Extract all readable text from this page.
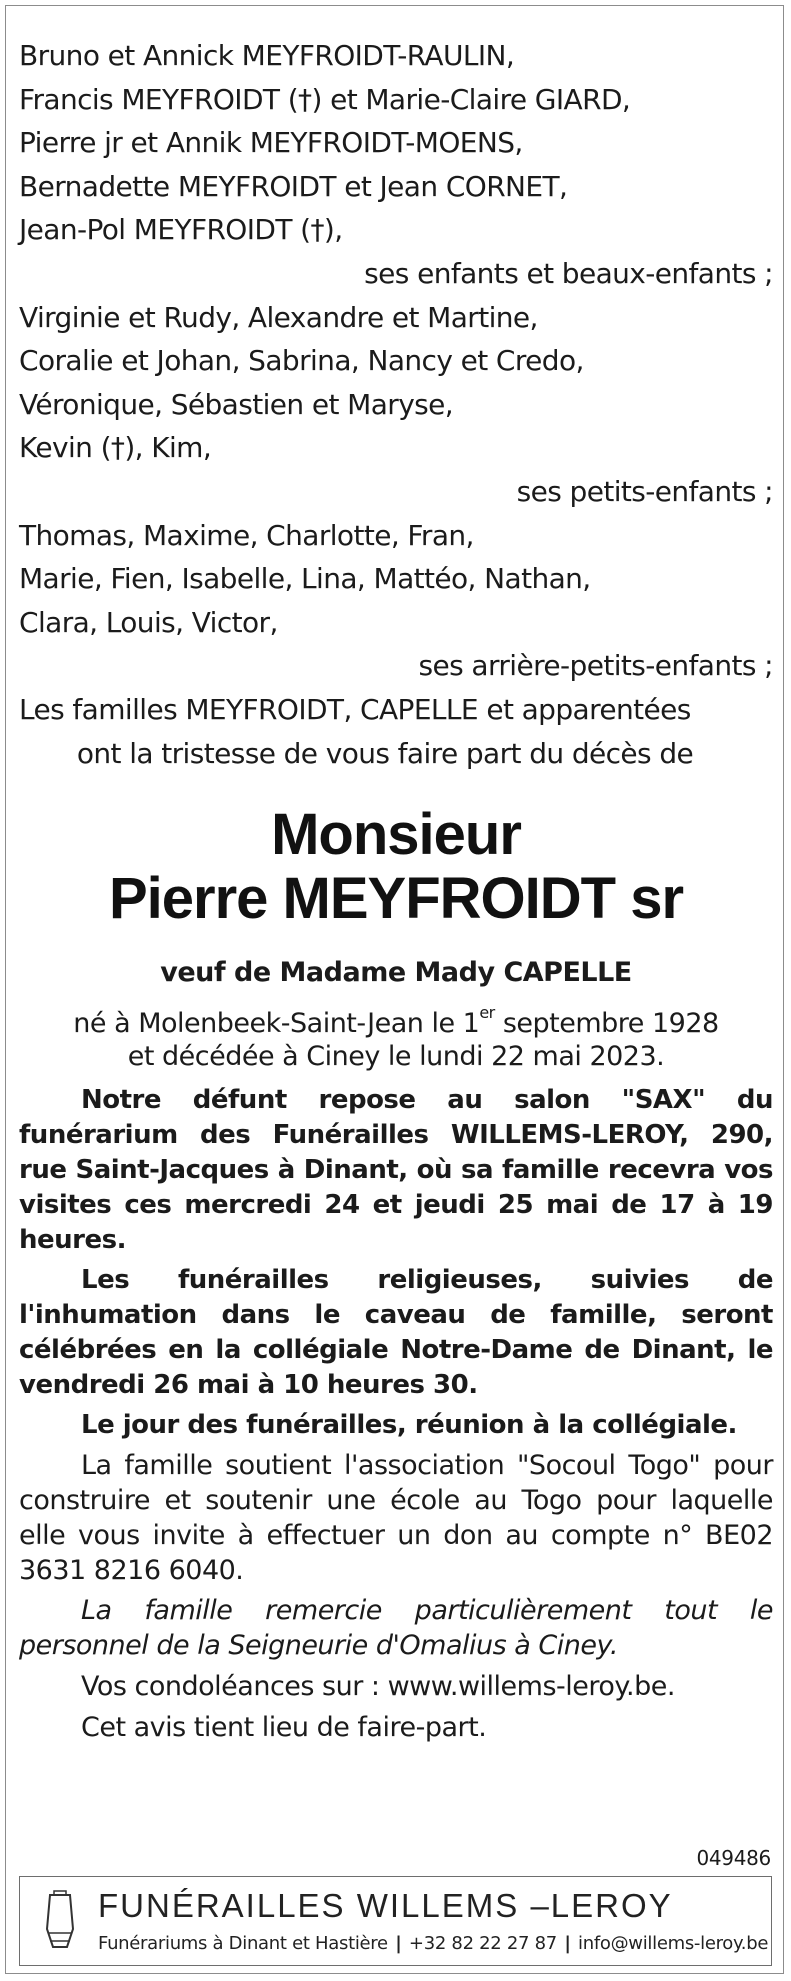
Bruno et Annick MEYFROIDT-RAULIN,
Francis MEYFROIDT (†) et Marie-Claire GIARD,
Pierre jr et Annik MEYFROIDT-MOENS,
Bernadette MEYFROIDT et Jean CORNET,
Jean-Pol MEYFROIDT (†),
ses enfants et beaux-enfants ;
Virginie et Rudy, Alexandre et Martine,
Coralie et Johan, Sabrina, Nancy et Credo,
Véronique, Sébastien et Maryse,
Kevin (†), Kim,
ses petits-enfants ;
Thomas, Maxime, Charlotte, Fran,
Marie, Fien, Isabelle, Lina, Mattéo, Nathan,
Clara, Louis, Victor,
ses arrière-petits-enfants ;
Les familles MEYFROIDT, CAPELLE et apparentées
ont la tristesse de vous faire part du décès de
Monsieur
Pierre MEYFROIDT sr
veuf de Madame Mady CAPELLE
né à Molenbeek-Saint-Jean le 1er septembre 1928
et décédée à Ciney le lundi 22 mai 2023.
Notre défunt repose au salon "SAX" du funérarium des Funérailles WILLEMS-LEROY, 290, rue Saint-Jacques à Dinant, où sa famille recevra vos visites ces mercredi 24 et jeudi 25 mai de 17 à 19 heures.
Les funérailles religieuses, suivies de l'inhumation dans le caveau de famille, seront célébrées en la collégiale Notre-Dame de Dinant, le vendredi 26 mai à 10 heures 30.
Le jour des funérailles, réunion à la collégiale.
La famille soutient l'association "Socoul Togo" pour construire et soutenir une école au Togo pour laquelle elle vous invite à effectuer un don au compte n° BE02 3631 8216 6040.
La famille remercie particulièrement tout le personnel de la Seigneurie d'Omalius à Ciney.
Vos condoléances sur : www.willems-leroy.be.
Cet avis tient lieu de faire-part.
049486
FUNÉRAILLES WILLEMS –LEROY
Funérariums à Dinant et Hastière | +32 82 22 27 87 | info@willems-leroy.be
